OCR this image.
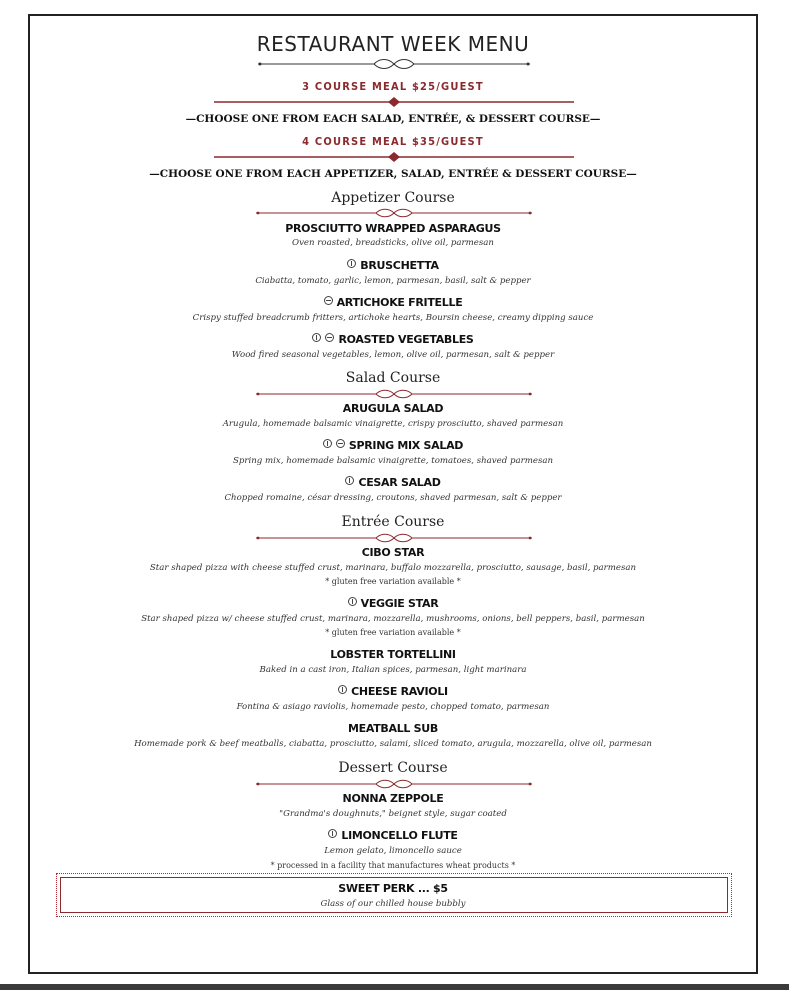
RESTAURANT WEEK MENU
3 COURSE MEAL $25/GUEST
—CHOOSE ONE FROM EACH SALAD, ENTRÉE, & DESSERT COURSE—
4 COURSE MEAL $35/GUEST
—CHOOSE ONE FROM EACH APPETIZER, SALAD, ENTRÉE & DESSERT COURSE—
Appetizer Course
PROSCIUTTO WRAPPED ASPARAGUS
Oven roasted, breadsticks, olive oil, parmesan
BRUSCHETTA
Ciabatta, tomato, garlic, lemon, parmesan, basil, salt & pepper
ARTICHOKE FRITELLE
Crispy stuffed breadcrumb fritters, artichoke hearts, Boursin cheese, creamy dipping sauce
ROASTED VEGETABLES
Wood fired seasonal vegetables, lemon, olive oil, parmesan, salt & pepper
Salad Course
ARUGULA SALAD
Arugula, homemade balsamic vinaigrette, crispy prosciutto, shaved parmesan
SPRING MIX SALAD
Spring mix, homemade balsamic vinaigrette, tomatoes, shaved parmesan
CESAR SALAD
Chopped romaine, césar dressing, croutons, shaved parmesan, salt & pepper
Entrée Course
CIBO STAR
Star shaped pizza with cheese stuffed crust, marinara, buffalo mozzarella, prosciutto, sausage, basil, parmesan
* gluten free variation available *
VEGGIE STAR
Star shaped pizza w/ cheese stuffed crust, marinara, mozzarella, mushrooms, onions, bell peppers, basil, parmesan
* gluten free variation available *
LOBSTER TORTELLINI
Baked in a cast iron, Italian spices, parmesan, light marinara
CHEESE RAVIOLI
Fontina & asiago raviolis, homemade pesto, chopped tomato, parmesan
MEATBALL SUB
Homemade pork & beef meatballs, ciabatta, prosciutto, salami, sliced tomato, arugula, mozzarella, olive oil, parmesan
Dessert Course
NONNA ZEPPOLE
"Grandma's doughnuts," beignet style, sugar coated
LIMONCELLO FLUTE
Lemon gelato, limoncello sauce
* processed in a facility that manufactures wheat products *
SWEET PERK ... $5
Glass of our chilled house bubbly
